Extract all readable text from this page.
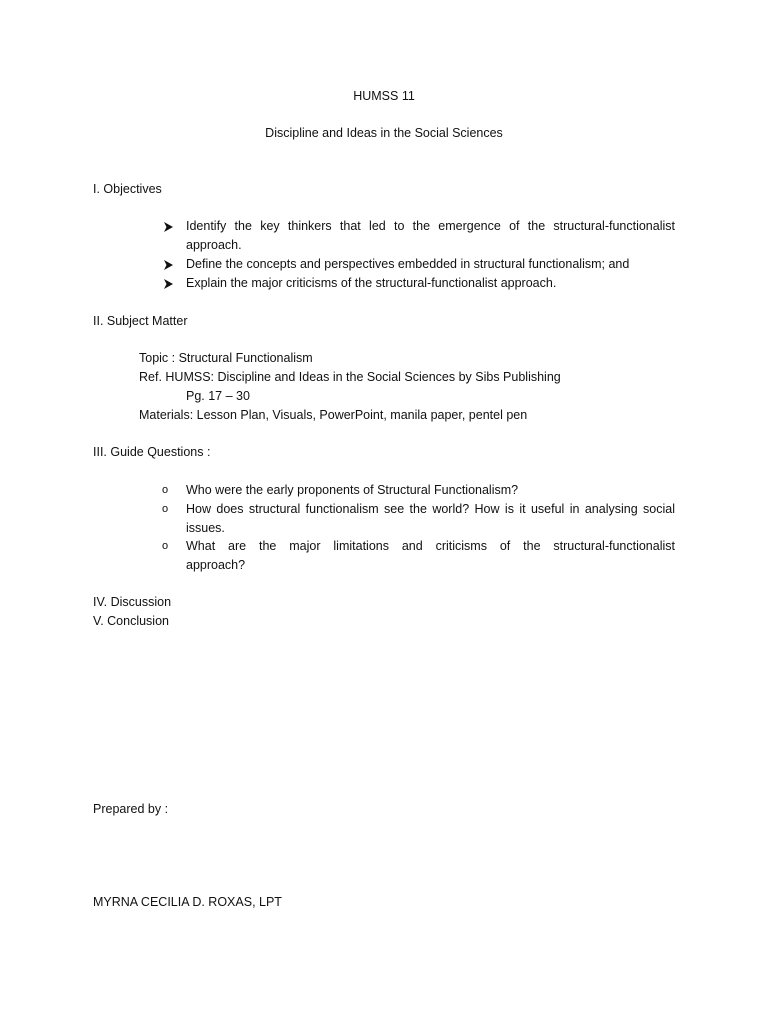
HUMSS 11
Discipline and Ideas in the Social Sciences
I. Objectives
Identify the key thinkers that led to the emergence of the structural-functionalist
approach.
Define the concepts and perspectives embedded in structural functionalism; and
Explain the major criticisms of the structural-functionalist approach.
II. Subject Matter
Topic : Structural Functionalism
Ref. HUMSS: Discipline and Ideas in the Social Sciences by Sibs Publishing
Pg. 17 – 30
Materials: Lesson Plan, Visuals, PowerPoint, manila paper, pentel pen
III. Guide Questions :
o	Who were the early proponents of Structural Functionalism?
o	How does structural functionalism see the world? How is it useful in analysing social
issues.
o	What are the major limitations and criticisms of the structural-functionalist
approach?
IV. Discussion
V. Conclusion
Prepared by :
MYRNA CECILIA D. ROXAS, LPT
